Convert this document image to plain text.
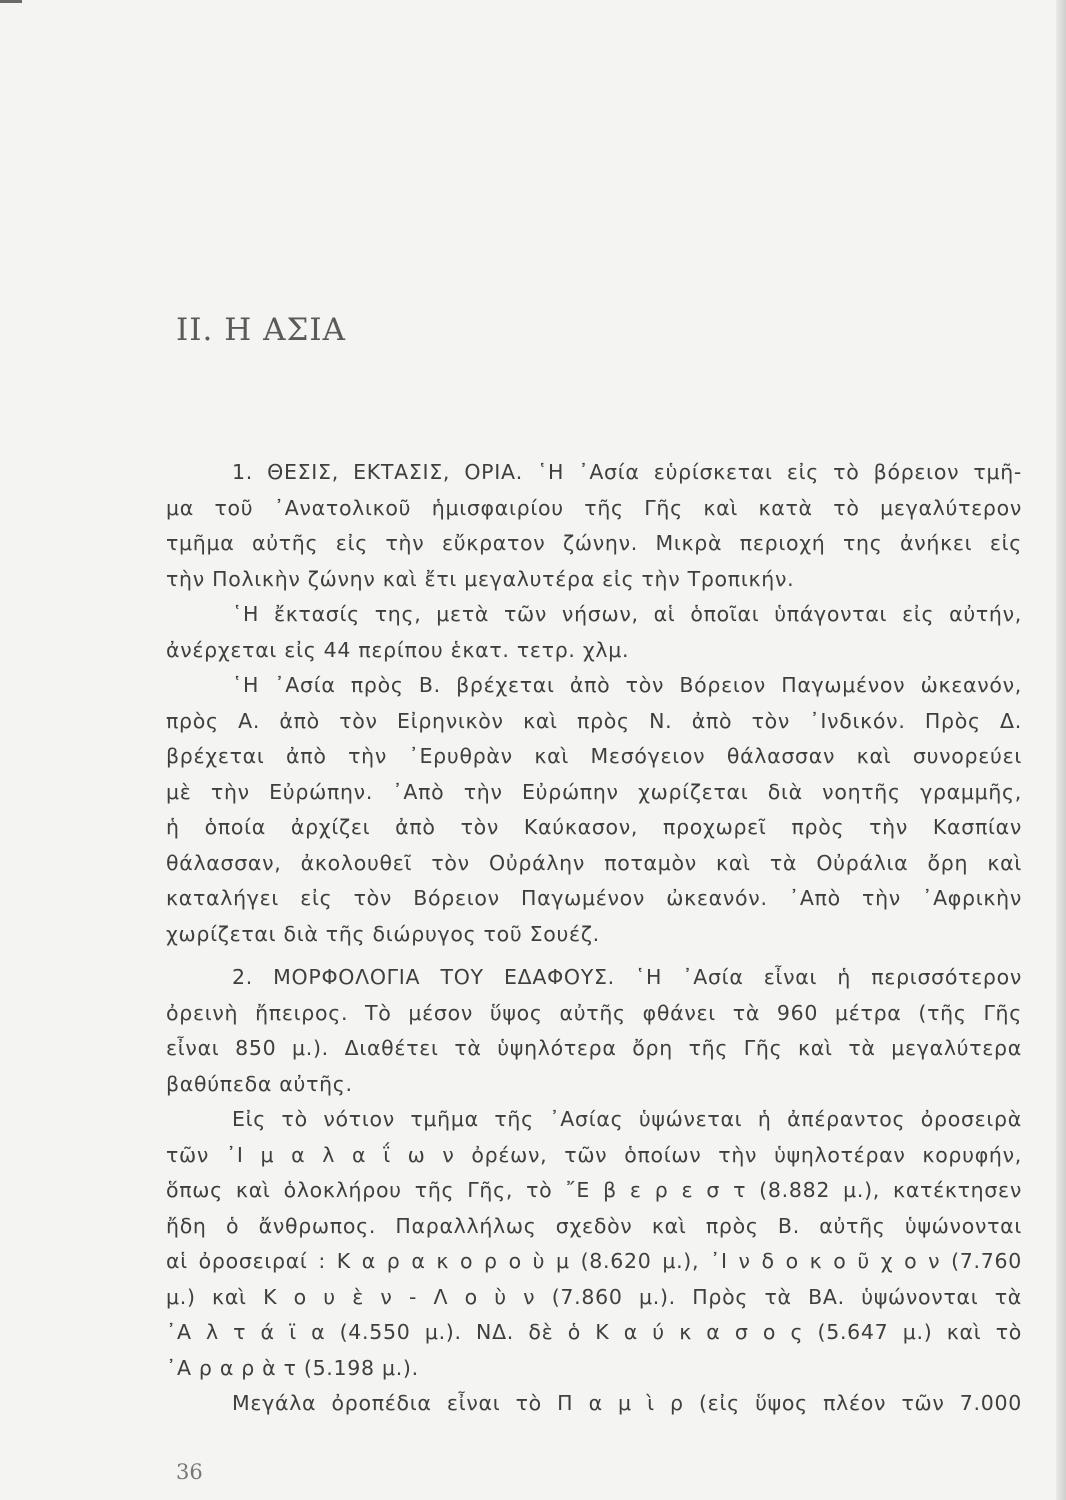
II. Η ΑΣΙΑ
1. ΘΕΣΙΣ, ΕΚΤΑΣΙΣ, ΟΡΙΑ. ῾Η ᾿Ασία εὑρίσκεται εἰς τὸ βόρειον τμῆ-
μα τοῦ ᾿Ανατολικοῦ ἡμισφαιρίου τῆς Γῆς καὶ κατὰ τὸ μεγαλύτερον
τμῆμα αὐτῆς εἰς τὴν εὔκρατον ζώνην. Μικρὰ περιοχή της ἀνήκει εἰς
τὴν Πολικὴν ζώνην καὶ ἔτι μεγαλυτέρα εἰς τὴν Τροπικήν.
῾Η ἔκτασίς της, μετὰ τῶν νήσων, αἱ ὁποῖαι ὑπάγονται εἰς αὐτήν,
ἀνέρχεται εἰς 44 περίπου ἑκατ. τετρ. χλμ.
῾Η ᾿Ασία πρὸς Β. βρέχεται ἀπὸ τὸν Βόρειον Παγωμένον ὠκεανόν,
πρὸς Α. ἀπὸ τὸν Εἰρηνικὸν καὶ πρὸς Ν. ἀπὸ τὸν ᾿Ινδικόν. Πρὸς Δ.
βρέχεται ἀπὸ τὴν ᾿Ερυθρὰν καὶ Μεσόγειον θάλασσαν καὶ συνορεύει
μὲ τὴν Εὐρώπην. ᾿Απὸ τὴν Εὐρώπην χωρίζεται διὰ νοητῆς γραμμῆς,
ἡ ὁποία ἀρχίζει ἀπὸ τὸν Καύκασον, προχωρεῖ πρὸς τὴν Κασπίαν
θάλασσαν, ἀκολουθεῖ τὸν Οὐράλην ποταμὸν καὶ τὰ Οὐράλια ὄρη καὶ
καταλήγει εἰς τὸν Βόρειον Παγωμένον ὠκεανόν. ᾿Απὸ τὴν ᾿Αφρικὴν
χωρίζεται διὰ τῆς διώρυγος τοῦ Σουέζ.
2. ΜΟΡΦΟΛΟΓΙΑ ΤΟΥ ΕΔΑΦΟΥΣ. ῾Η ᾿Ασία εἶναι ἡ περισσότερον
ὀρεινὴ ἤπειρος. Τὸ μέσον ὕψος αὐτῆς φθάνει τὰ 960 μέτρα (τῆς Γῆς
εἶναι 850 μ.). Διαθέτει τὰ ὑψηλότερα ὄρη τῆς Γῆς καὶ τὰ μεγαλύτερα
βαθύπεδα αὐτῆς.
Εἰς τὸ νότιον τμῆμα τῆς ᾿Ασίας ὑψώνεται ἡ ἀπέραντος ὀροσειρὰ
τῶν ᾿Ι μ α λ α ΐ ω ν ὀρέων, τῶν ὁποίων τὴν ὑψηλοτέραν κορυφήν,
ὅπως καὶ ὁλοκλήρου τῆς Γῆς, τὸ ῎Ε β ε ρ ε σ τ (8.882 μ.), κατέκτησεν
ἤδη ὁ ἄνθρωπος. Παραλλήλως σχεδὸν καὶ πρὸς Β. αὐτῆς ὑψώνονται
αἱ ὀροσειραί : Κ α ρ α κ ο ρ ο ὺ μ (8.620 μ.), ᾿Ι ν δ ο κ ο ῦ χ ο ν (7.760
μ.) καὶ Κ ο υ ὲ ν - Λ ο ὺ ν (7.860 μ.). Πρὸς τὰ ΒΑ. ὑψώνονται τὰ
᾿Α λ τ ά ϊ α (4.550 μ.). ΝΔ. δὲ ὁ Κ α ύ κ α σ ο ς (5.647 μ.) καὶ τὸ
᾿Α ρ α ρ ὰ τ (5.198 μ.).
Μεγάλα ὀροπέδια εἶναι τὸ Π α μ ὶ ρ (εἰς ὕψος πλέον τῶν 7.000
36
